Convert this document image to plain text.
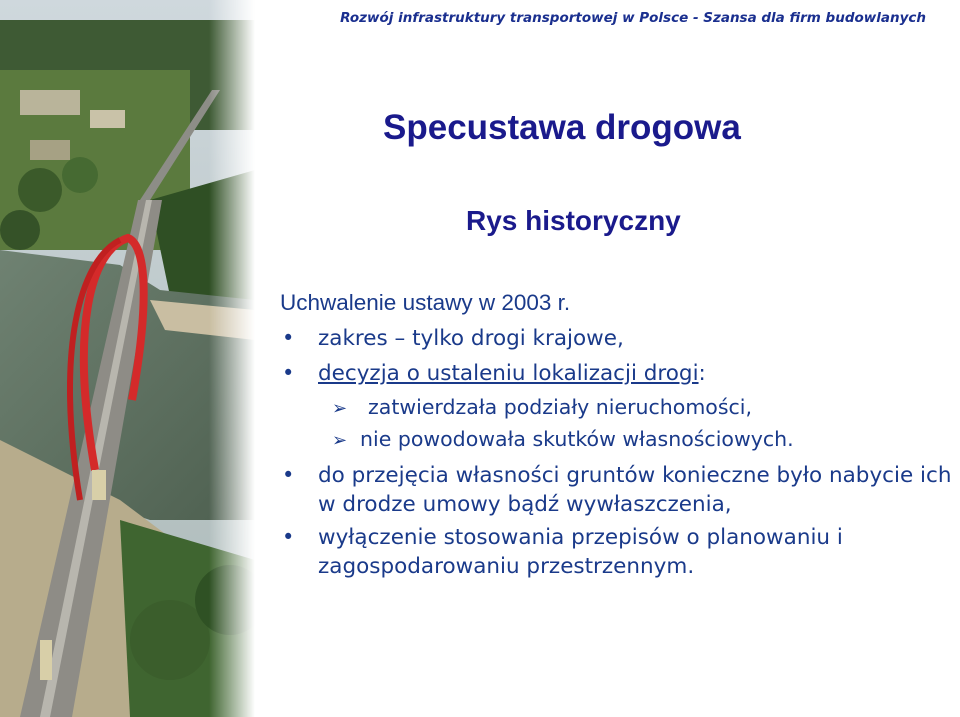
Rozwój infrastruktury transportowej w Polsce - Szansa dla firm budowlanych
Specustawa drogowa
Rys historyczny
Uchwalenie ustawy w 2003 r.
• zakres – tylko drogi krajowe,
• decyzja o ustaleniu lokalizacji drogi:
➢ zatwierdzała podziały nieruchomości,
➢ nie powodowała skutków własnościowych.
• do przejęcia własności gruntów konieczne było nabycie ich w drodze umowy bądź wywłaszczenia,
• wyłączenie stosowania przepisów o planowaniu i zagospodarowaniu przestrzennym.
